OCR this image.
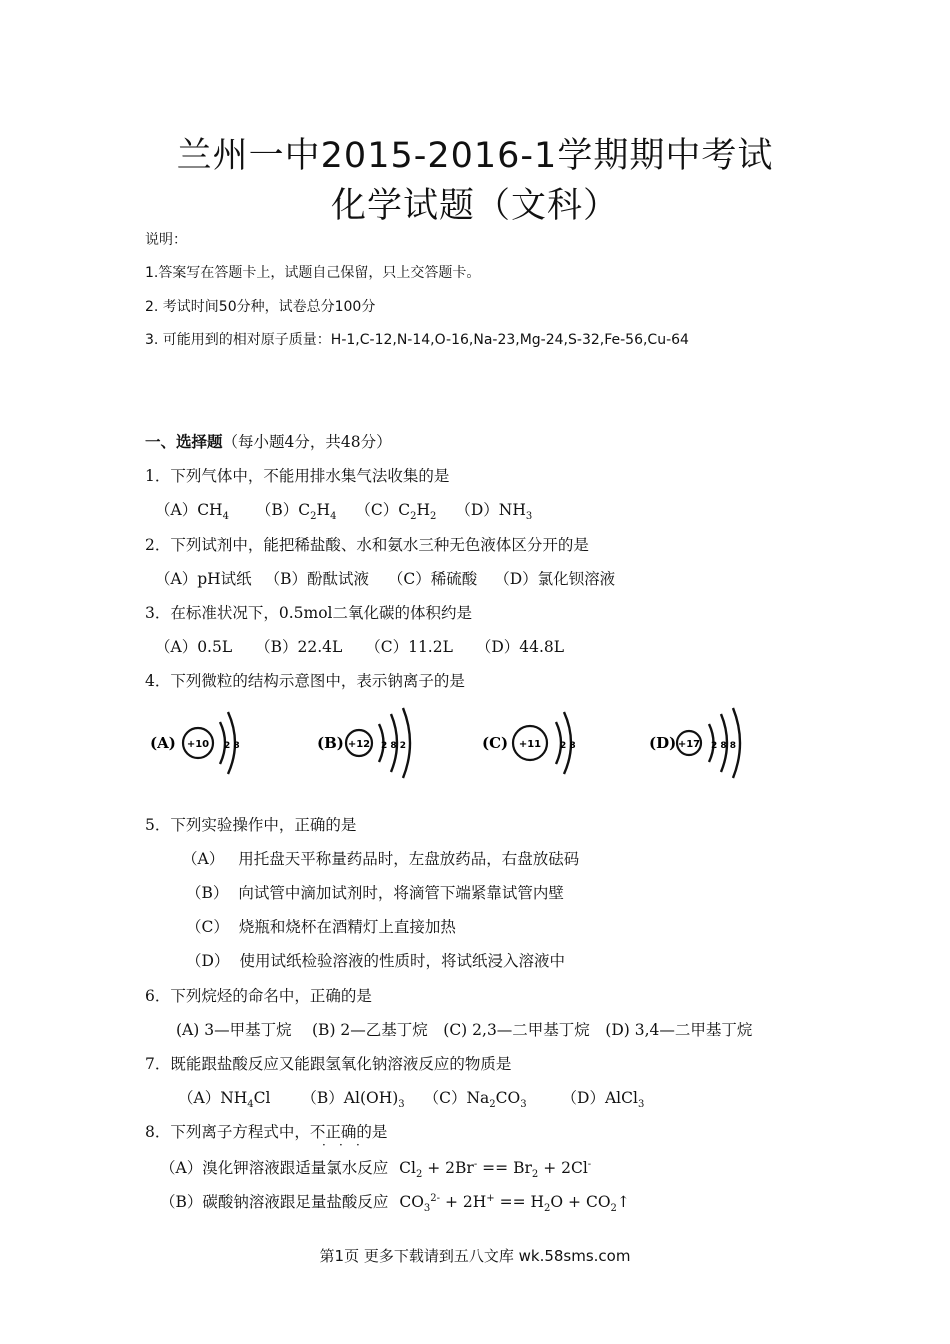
兰州一中2015-2016-1学期期中考试
化学试题（文科）
说明：
1.答案写在答题卡上，试题自己保留，只上交答题卡。
2. 考试时间50分种，试卷总分100分
3. 可能用到的相对原子质量：H-1,C-12,N-14,O-16,Na-23,Mg-24,S-32,Fe-56,Cu-64
一、选择题（每小题4分，共48分）
1．下列气体中，不能用排水集气法收集的是
$(A)CH_4$ $(B)C_2H_4$ $(C)C_2H_2$ $(D)NH_3$
2．下列试剂中，能把稀盐酸、水和氨水三种无色液体区分开的是
（A）pH试纸 （B）酚酞试液 （C）稀硫酸 （D）氯化钡溶液
3．在标准状况下，0.5mol二氧化碳的体积约是
（A）0.5L （B）22.4L （C）11.2L （D）44.8L
4．下列微粒的结构示意图中，表示钠离子的是
(A) +10 2 8	(B) +12 2 8 2	(C) +11 2 8	(D) +17 2 8 8
5．下列实验操作中，正确的是
（A） 用托盘天平称量药品时，左盘放药品，右盘放砝码
（B） 向试管中滴加试剂时，将滴管下端紧靠试管内壁
（C） 烧瓶和烧杯在酒精灯上直接加热
（D） 使用试纸检验溶液的性质时，将试纸浸入溶液中
6．下列烷烃的命名中，正确的是
(A) 3—甲基丁烷　 (B) 2—乙基丁烷　(C) 2,3—二甲基丁烷　(D) 3,4—二甲基丁烷
7．既能跟盐酸反应又能跟氢氧化钠溶液反应的物质是
$(A)NH_4Cl$ $(B)Al(OH)_3$ $(C)Na_2CO_3$ （D）AlCl$_3$
8．下列离子方程式中，不正确的是
· · ·
（A）溴化钾溶液跟适量氯水反应 $Cl_2 + 2Br^- == Br_2 + 2Cl^-$
（B）碳酸钠溶液跟足量盐酸反应 $CO_3^{2-} + 2H^+ == H_2O$ + $CO_2↑$
第1页 更多下载请到五八文库 wk.58sms.com
